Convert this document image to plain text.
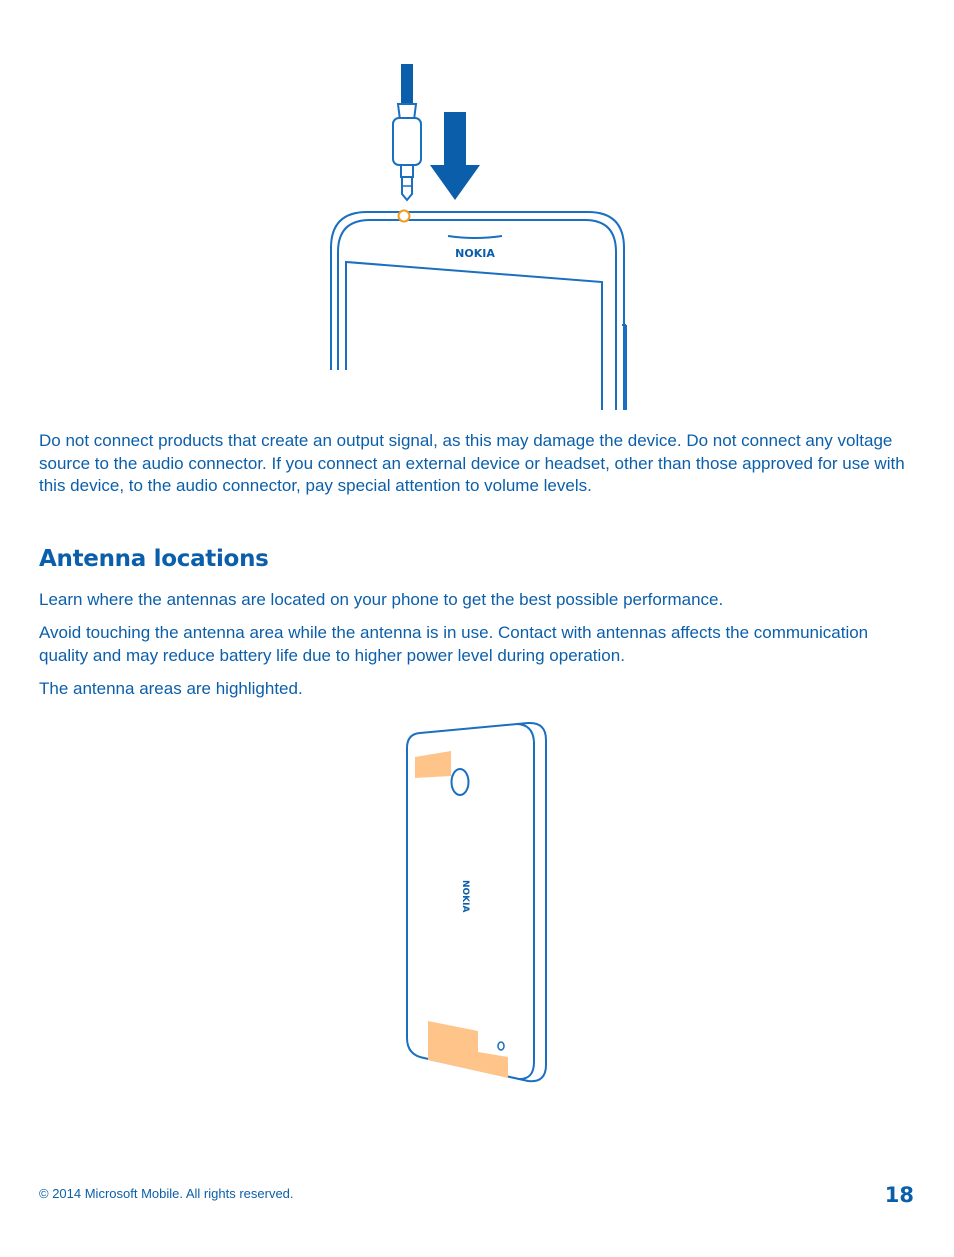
NOKIA

Do not connect products that create an output signal, as this may damage the device. Do not connect any voltage source to the audio connector. If you connect an external device or headset, other than those approved for use with this device, to the audio connector, pay special attention to volume levels.

Antenna locations

Learn where the antennas are located on your phone to get the best possible performance.

Avoid touching the antenna area while the antenna is in use. Contact with antennas affects the communication quality and may reduce battery life due to higher power level during operation.

The antenna areas are highlighted.

NOKIA
© 2014 Microsoft Mobile. All rights reserved.	18
